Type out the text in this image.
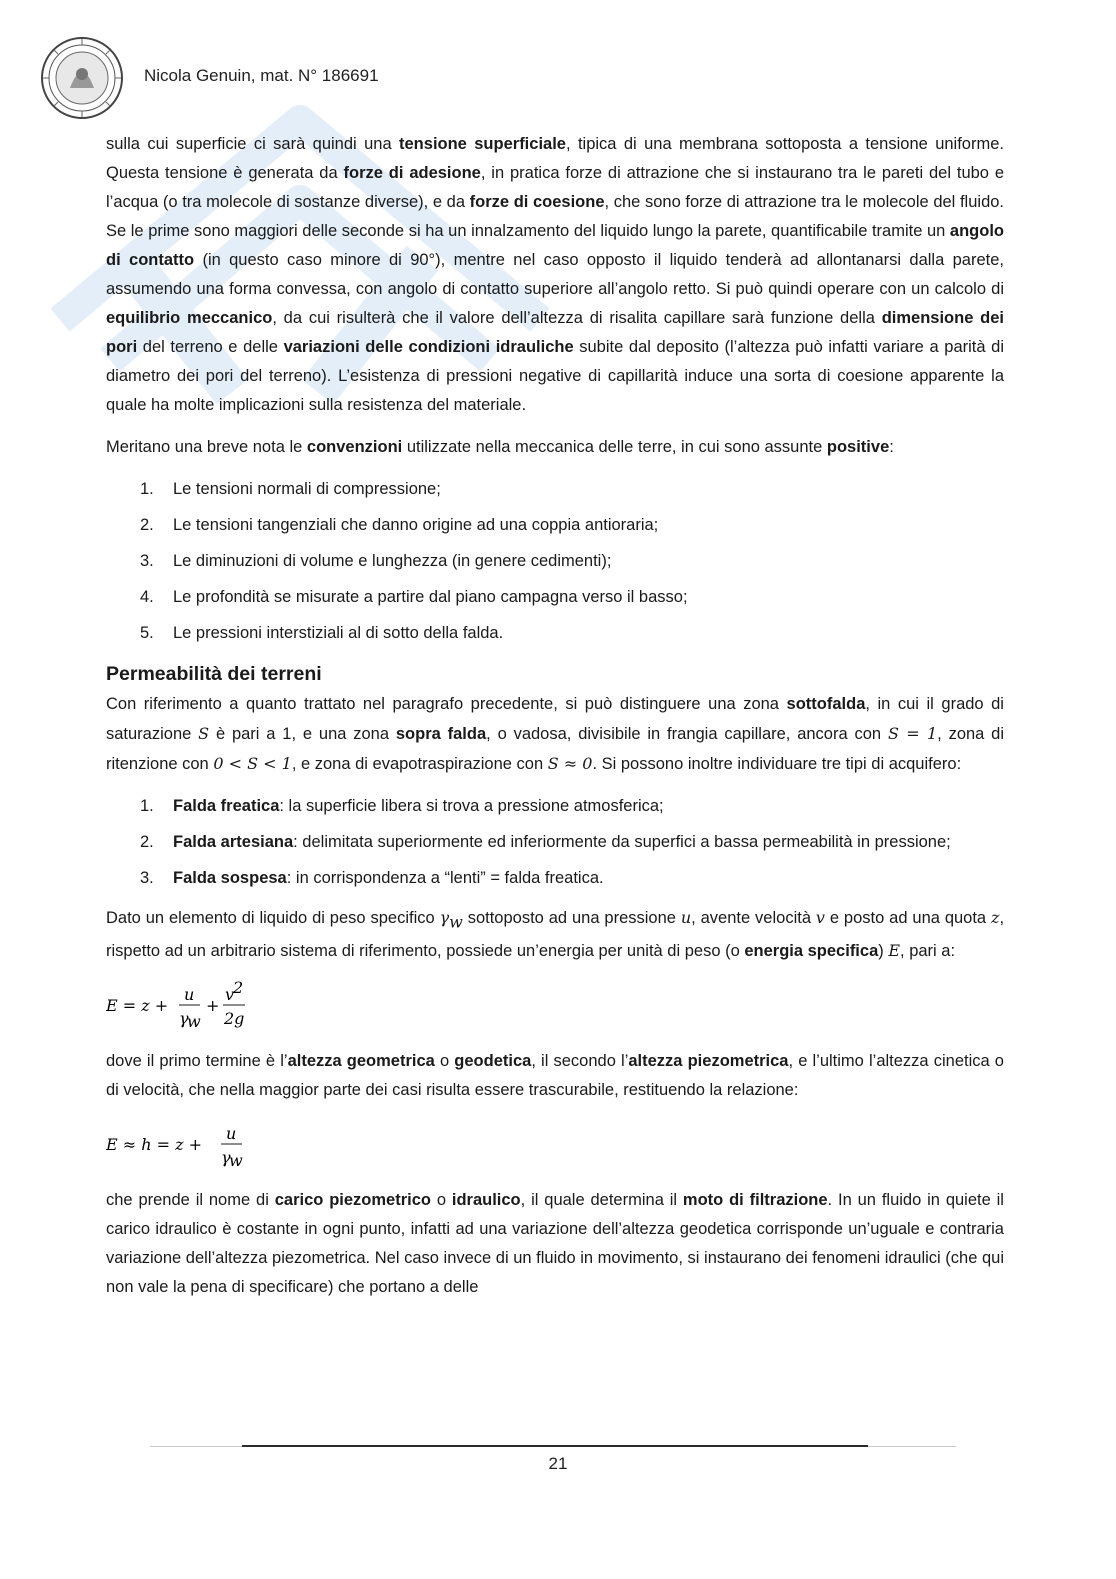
Nicola Genuin, mat. N° 186691

sulla cui superficie ci sarà quindi una tensione superficiale, tipica di una membrana sottoposta a tensione uniforme. Questa tensione è generata da forze di adesione, in pratica forze di attrazione che si instaurano tra le pareti del tubo e l’acqua (o tra molecole di sostanze diverse), e da forze di coesione, che sono forze di attrazione tra le molecole del fluido. Se le prime sono maggiori delle seconde si ha un innalzamento del liquido lungo la parete, quantificabile tramite un angolo di contatto (in questo caso minore di 90°), mentre nel caso opposto il liquido tenderà ad allontanarsi dalla parete, assumendo una forma convessa, con angolo di contatto superiore all’angolo retto. Si può quindi operare con un calcolo di equilibrio meccanico, da cui risulterà che il valore dell’altezza di risalita capillare sarà funzione della dimensione dei pori del terreno e delle variazioni delle condizioni idrauliche subite dal deposito (l’altezza può infatti variare a parità di diametro dei pori del terreno). L’esistenza di pressioni negative di capillarità induce una sorta di coesione apparente la quale ha molte implicazioni sulla resistenza del materiale.

Meritano una breve nota le convenzioni utilizzate nella meccanica delle terre, in cui sono assunte positive:

1. Le tensioni normali di compressione;
2. Le tensioni tangenziali che danno origine ad una coppia antioraria;
3. Le diminuzioni di volume e lunghezza (in genere cedimenti);
4. Le profondità se misurate a partire dal piano campagna verso il basso;
5. Le pressioni interstiziali al di sotto della falda.
Permeabilità dei terreni

Con riferimento a quanto trattato nel paragrafo precedente, si può distinguere una zona sottofalda, in cui il grado di saturazione S è pari a 1, e una zona sopra falda, o vadosa, divisibile in frangia capillare, ancora con S = 1, zona di ritenzione con 0 < S < 1, e zona di evapotraspirazione con S ≈ 0. Si possono inoltre individuare tre tipi di acquifero:

1. Falda freatica: la superficie libera si trova a pressione atmosferica;
2. Falda artesiana: delimitata superiormente ed inferiormente da superfici a bassa permeabilità in pressione;
3. Falda sospesa: in corrispondenza a “lenti” = falda freatica.

Dato un elemento di liquido di peso specifico $\gamma_w$ sottoposto ad una pressione u, avente velocità v e posto ad una quota z, rispetto ad un arbitrario sistema di riferimento, possiede un’energia per unità di peso (o energia specifica) E, pari a:

E = z +
u
γ
w
+
v
2
2g

dove il primo termine è l’altezza geometrica o geodetica, il secondo l’altezza piezometrica, e l’ultimo l’altezza cinetica o di velocità, che nella maggior parte dei casi risulta essere trascurabile, restituendo la relazione:

E ≈ h = z +
u
γ
w

che prende il nome di carico piezometrico o idraulico, il quale determina il moto di filtrazione. In un fluido in quiete il carico idraulico è costante in ogni punto, infatti ad una variazione dell’altezza geodetica corrisponde un’uguale e contraria variazione dell’altezza piezometrica. Nel caso invece di un fluido in movimento, si instaurano dei fenomeni idraulici (che qui non vale la pena di specificare) che portano a delle

21
